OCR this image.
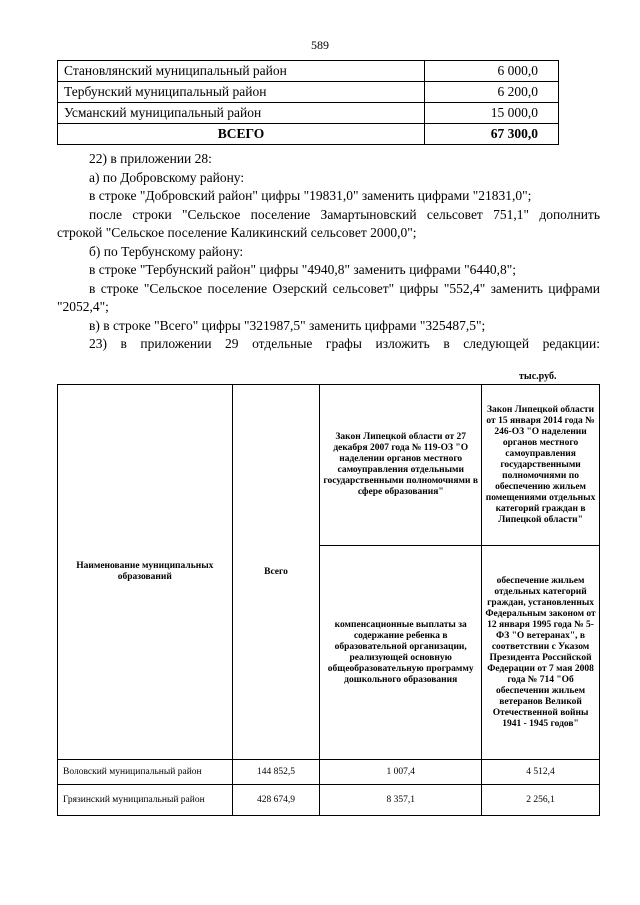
589
Становлянский муниципальный район	6 000,0
Тербунский муниципальный район	6 200,0
Усманский муниципальный район	15 000,0
ВСЕГО	67 300,0

22) в приложении 28:

а) по Добровскому району:

в строке "Добровский район" цифры "19831,0" заменить цифрами "21831,0";

после строки "Сельское поселение Замартыновский сельсовет 751,1" дополнить строкой "Сельское поселение Каликинский сельсовет 2000,0";

б) по Тербунскому району:

в строке "Тербунский район" цифры "4940,8" заменить цифрами "6440,8";

в строке "Сельское поселение Озерский сельсовет" цифры "552,4" заменить цифрами "2052,4";

в) в строке "Всего" цифры "321987,5" заменить цифрами "325487,5";

23) в приложении 29 отдельные графы изложить в следующей редакции:

тыс.руб.
Наименование муниципальных образований	Всего	Закон Липецкой области от 27 декабря 2007 года № 119-ОЗ "О наделении органов местного самоуправления отдельными государственными полномочиями в сфере образования"	Закон Липецкой области от 15 января 2014 года № 246-ОЗ "О наделении органов местного самоуправления государственными полномочиями по обеспечению жильем помещениями отдельных категорий граждан в Липецкой области"
		компенсационные выплаты за содержание ребенка в образовательной организации, реализующей основную общеобразовательную программу дошкольного образования	обеспечение жильем отдельных категорий граждан, установленных Федеральным законом от 12 января 1995 года № 5-ФЗ "О ветеранах", в соответствии с Указом Президента Российской Федерации от 7 мая 2008 года № 714 "Об обеспечении жильем ветеранов Великой Отечественной войны 1941 - 1945 годов"
Воловский муниципальный район	144 852,5	1 007,4	4 512,4
Грязинский муниципальный район	428 674,9	8 357,1	2 256,1
